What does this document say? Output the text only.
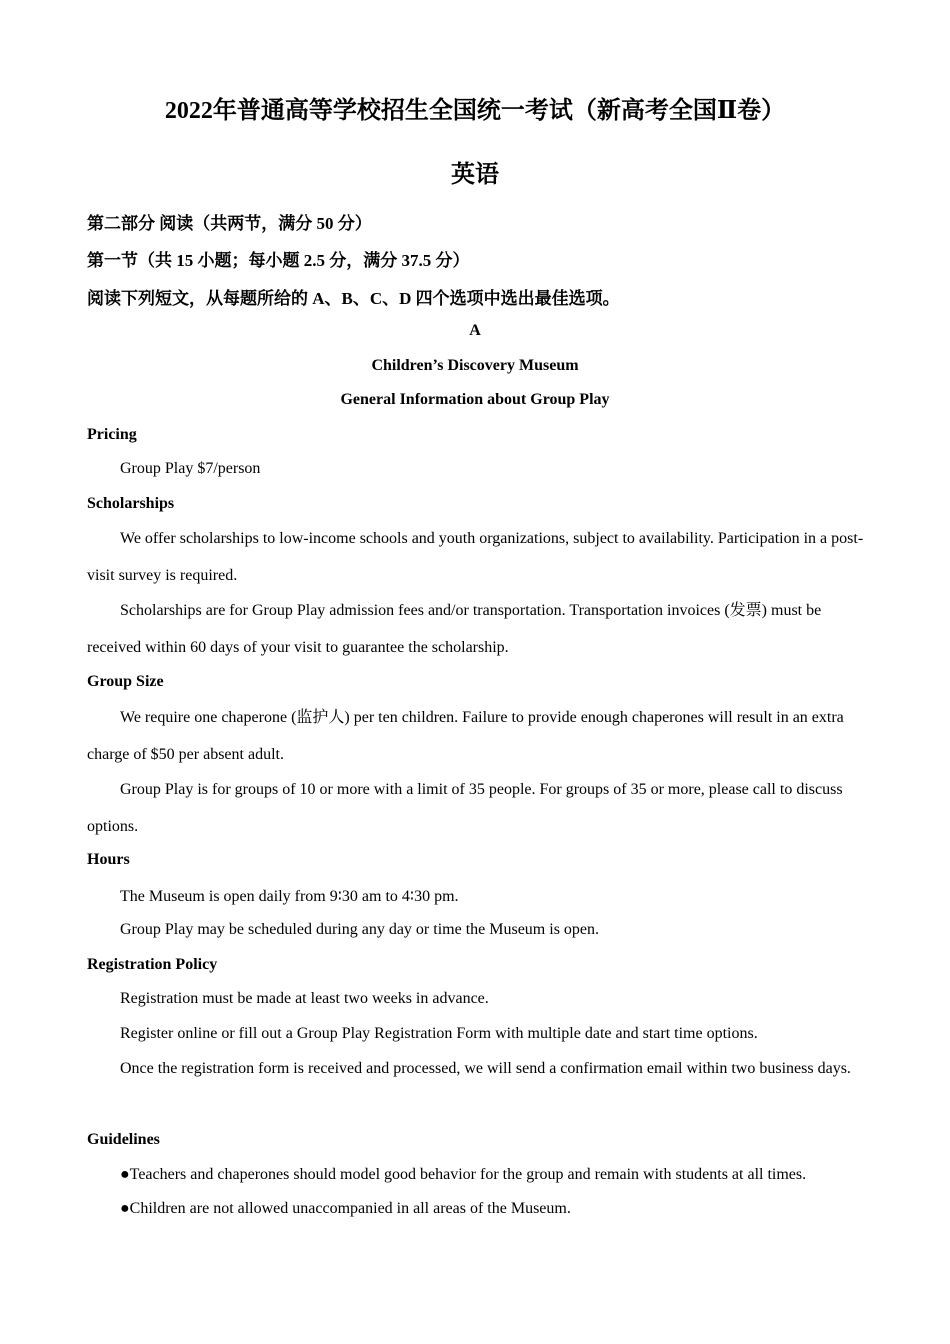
2022年普通高等学校招生全国统一考试（新高考全国Ⅱ卷）
英语
第二部分 阅读（共两节，满分 50 分）
第一节（共 15 小题；每小题 2.5 分，满分 37.5 分）
阅读下列短文，从每题所给的 A、B、C、D 四个选项中选出最佳选项。
A
Children’s Discovery Museum
General Information about Group Play
Pricing
Group Play $7/person
Scholarships

We offer scholarships to low-income schools and youth organizations, subject to availability. Participation in a post-visit survey is required.

Scholarships are for Group Play admission fees and/or transportation. Transportation invoices (发票) must be received within 60 days of your visit to guarantee the scholarship.

Group Size

We require one chaperone (监护人) per ten children. Failure to provide enough chaperones will result in an extra charge of $50 per absent adult.

Group Play is for groups of 10 or more with a limit of 35 people. For groups of 35 or more, please call to discuss options.

Hours
The Museum is open daily from 9∶30 am to 4∶30 pm.
Group Play may be scheduled during any day or time the Museum is open.
Registration Policy
Registration must be made at least two weeks in advance.
Register online or fill out a Group Play Registration Form with multiple date and start time options.

Once the registration form is received and processed, we will send a confirmation email within two business days.

Guidelines
●Teachers and chaperones should model good behavior for the group and remain with students at all times.
●Children are not allowed unaccompanied in all areas of the Museum.
